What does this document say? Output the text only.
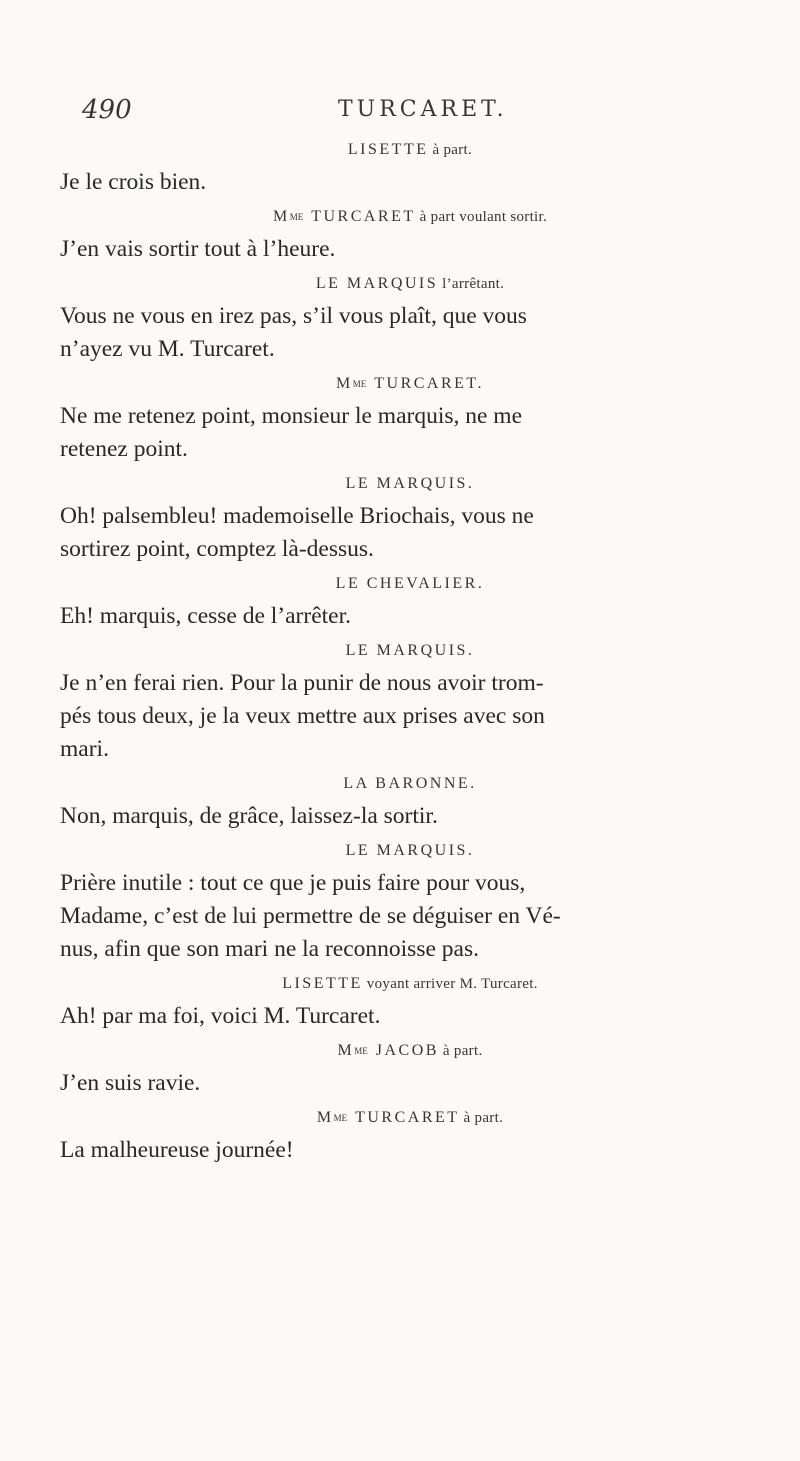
490	TURCARET.

LISETTE à part.

Je le crois bien.

M ME TURCARET à part voulant sortir.

J’en vais sortir tout à l’heure.

LE MARQUIS l’arrêtant.

Vous ne vous en irez pas, s’il vous plaît, que vous

n’ayez vu M. Turcaret.

M ME TURCARET.

Ne me retenez point, monsieur le marquis, ne me

retenez point.

LE MARQUIS.

Oh! palsembleu! mademoiselle Briochais, vous ne

sortirez point, comptez là-dessus.

LE CHEVALIER.

Eh! marquis, cesse de l’arrêter.

LE MARQUIS.

Je n’en ferai rien. Pour la punir de nous avoir trom-

pés tous deux, je la veux mettre aux prises avec son

mari.

LA BARONNE.

Non, marquis, de grâce, laissez-la sortir.

LE MARQUIS.

Prière inutile : tout ce que je puis faire pour vous,

Madame, c’est de lui permettre de se déguiser en Vé-

nus, afin que son mari ne la reconnoisse pas.

LISETTE voyant arriver M. Turcaret.

Ah! par ma foi, voici M. Turcaret.

M ME JACOB à part.

J’en suis ravie.

M ME TURCARET à part.

La malheureuse journée!
